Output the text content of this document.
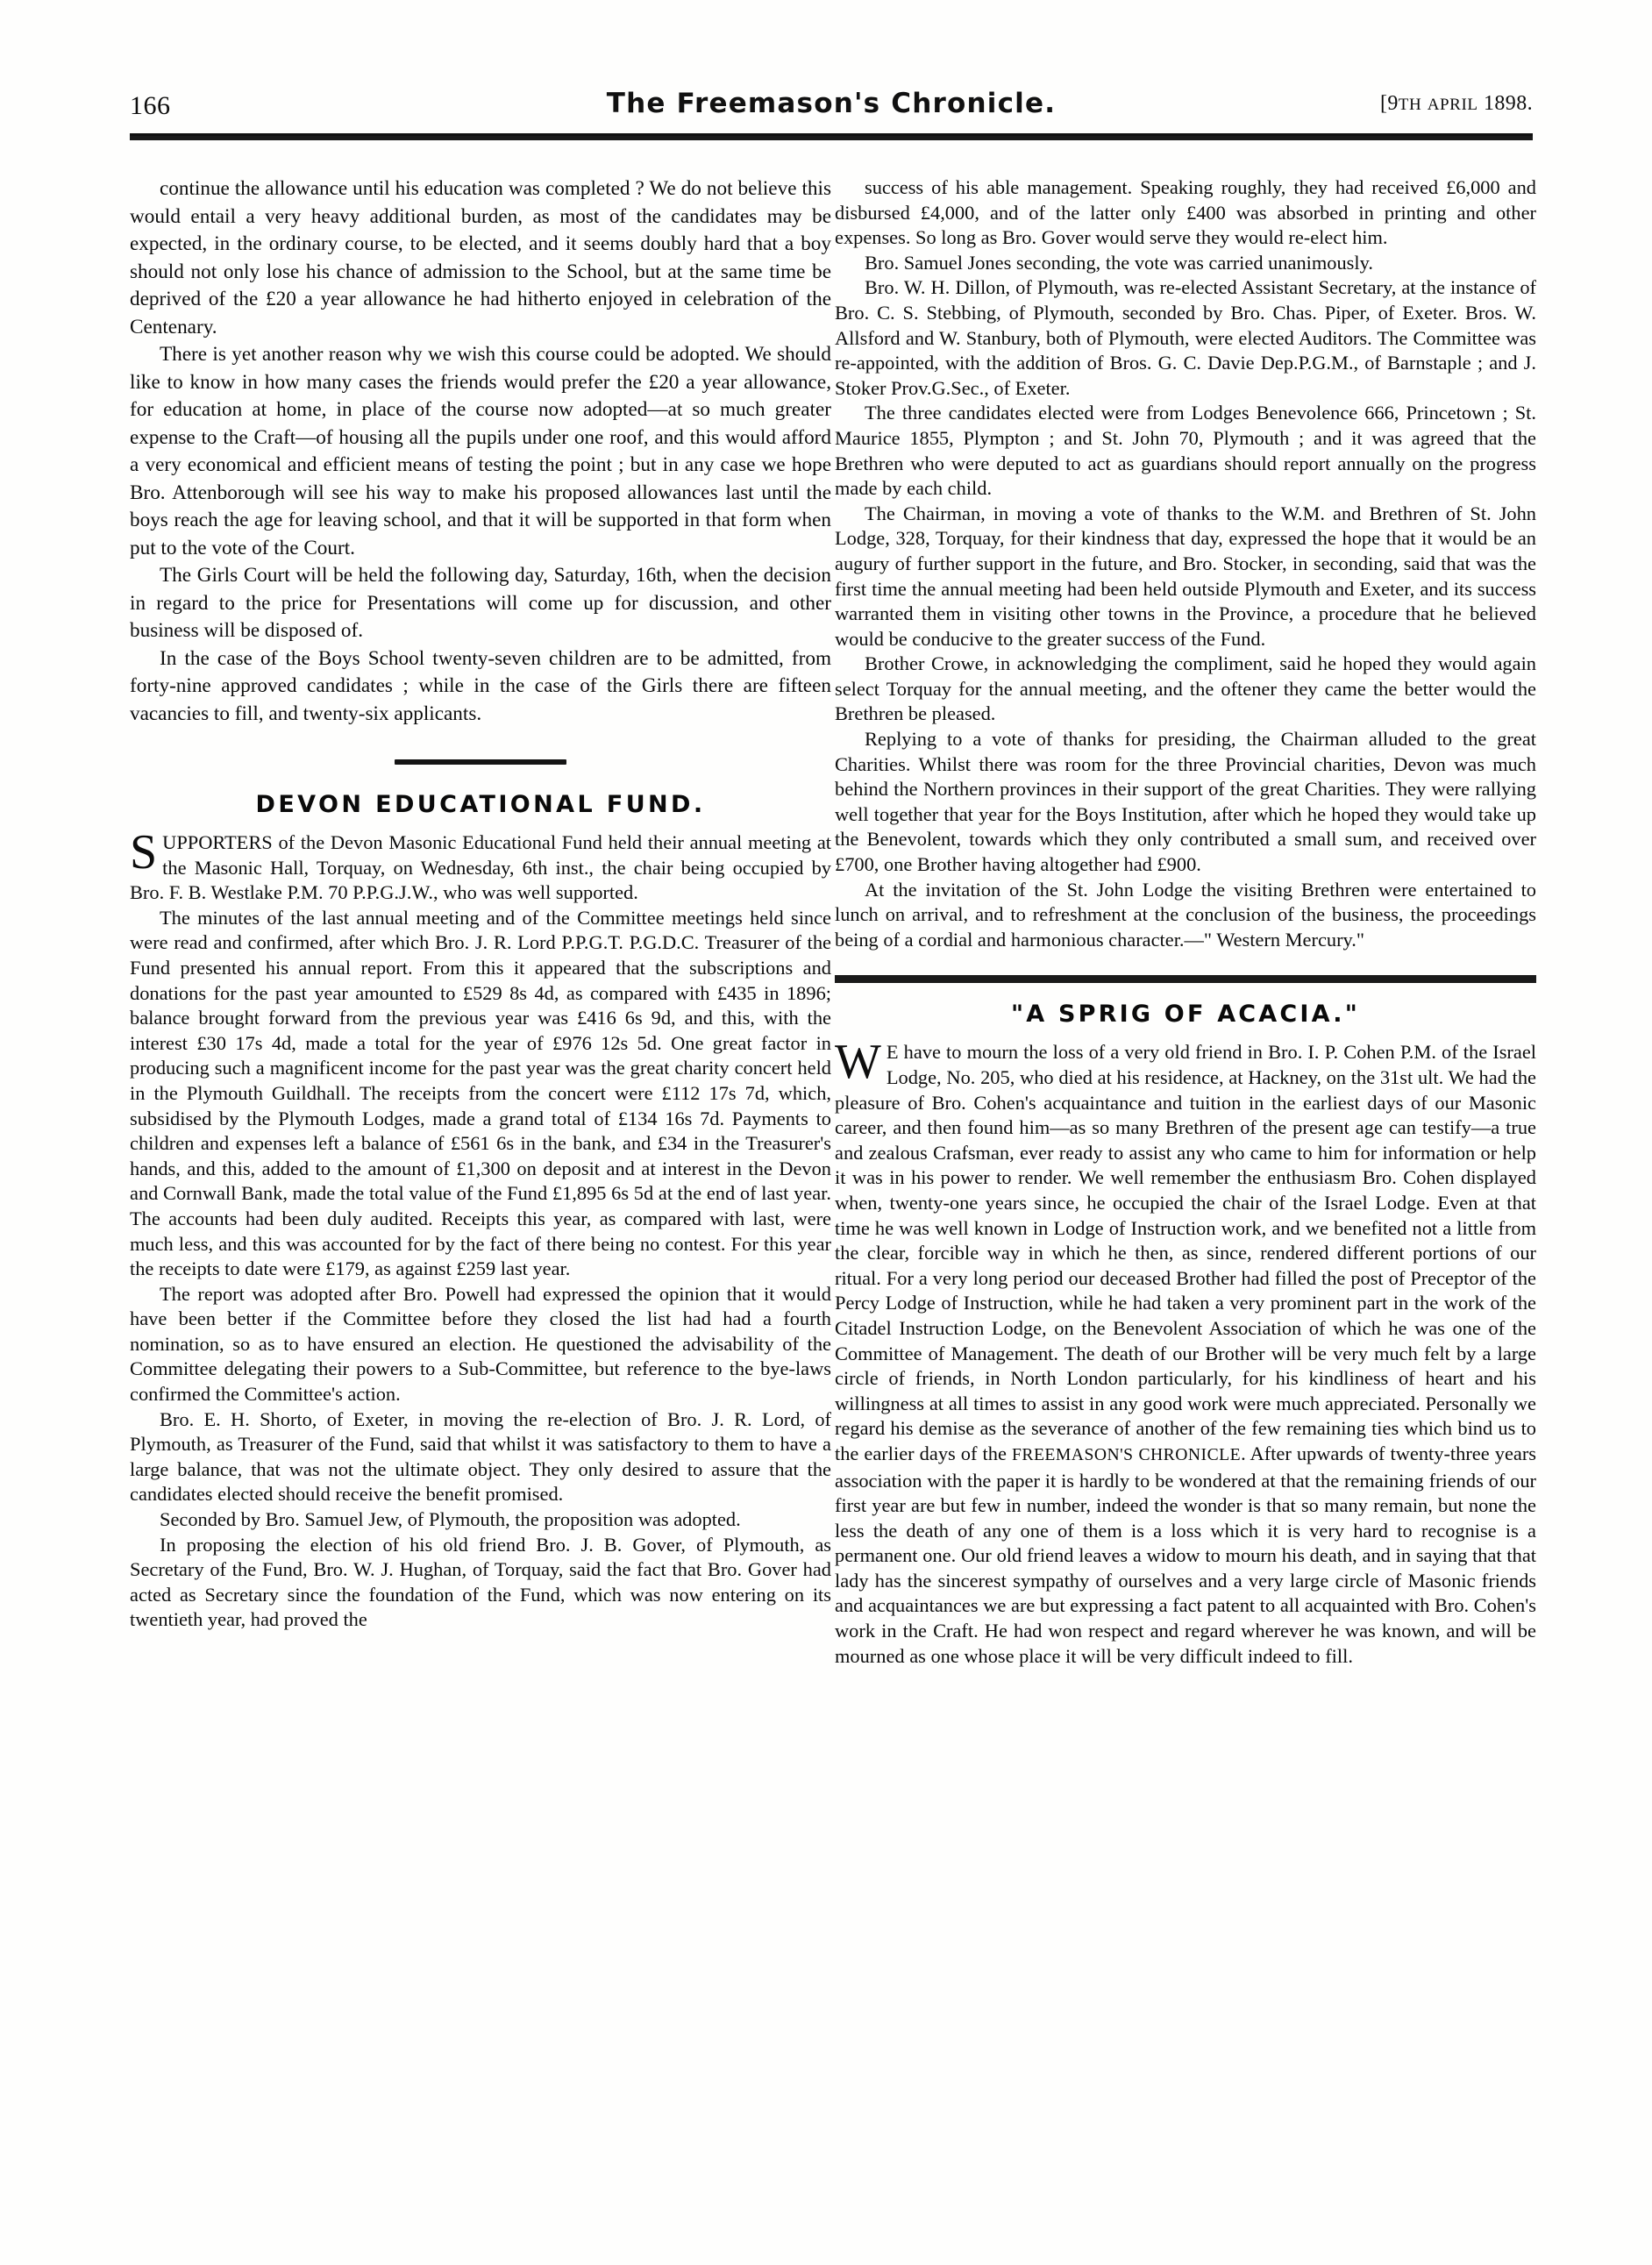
166	The Freemason's Chronicle.	[9TH APRIL 1898.

continue the allowance until his education was completed ? We do not believe this would entail a very heavy additional burden, as most of the candidates may be expected, in the ordinary course, to be elected, and it seems doubly hard that a boy should not only lose his chance of admission to the School, but at the same time be deprived of the £20 a year allowance he had hitherto enjoyed in celebration of the Centenary.

There is yet another reason why we wish this course could be adopted. We should like to know in how many cases the friends would prefer the £20 a year allowance, for education at home, in place of the course now adopted—at so much greater expense to the Craft—of housing all the pupils under one roof, and this would afford a very economical and efficient means of testing the point ; but in any case we hope Bro. Attenborough will see his way to make his proposed allowances last until the boys reach the age for leaving school, and that it will be supported in that form when put to the vote of the Court.

The Girls Court will be held the following day, Saturday, 16th, when the decision in regard to the price for Presentations will come up for discussion, and other business will be disposed of.

In the case of the Boys School twenty-seven children are to be admitted, from forty-nine approved candidates ; while in the case of the Girls there are fifteen vacancies to fill, and twenty-six applicants.

DEVON EDUCATIONAL FUND.

SUPPORTERS of the Devon Masonic Educational Fund held their annual meeting at the Masonic Hall, Torquay, on Wednesday, 6th inst., the chair being occupied by Bro. F. B. Westlake P.M. 70 P.P.G.J.W., who was well supported.

The minutes of the last annual meeting and of the Committee meetings held since were read and confirmed, after which Bro. J. R. Lord P.P.G.T. P.G.D.C. Treasurer of the Fund presented his annual report. From this it appeared that the subscriptions and donations for the past year amounted to £529 8s 4d, as compared with £435 in 1896; balance brought forward from the previous year was £416 6s 9d, and this, with the interest £30 17s 4d, made a total for the year of £976 12s 5d. One great factor in producing such a magnificent income for the past year was the great charity concert held in the Plymouth Guildhall. The receipts from the concert were £112 17s 7d, which, subsidised by the Plymouth Lodges, made a grand total of £134 16s 7d. Payments to children and expenses left a balance of £561 6s in the bank, and £34 in the Treasurer's hands, and this, added to the amount of £1,300 on deposit and at interest in the Devon and Cornwall Bank, made the total value of the Fund £1,895 6s 5d at the end of last year. The accounts had been duly audited. Receipts this year, as compared with last, were much less, and this was accounted for by the fact of there being no contest. For this year the receipts to date were £179, as against £259 last year.

The report was adopted after Bro. Powell had expressed the opinion that it would have been better if the Committee before they closed the list had had a fourth nomination, so as to have ensured an election. He questioned the advisability of the Committee delegating their powers to a Sub-Committee, but reference to the bye-laws confirmed the Committee's action.

Bro. E. H. Shorto, of Exeter, in moving the re-election of Bro. J. R. Lord, of Plymouth, as Treasurer of the Fund, said that whilst it was satisfactory to them to have a large balance, that was not the ultimate object. They only desired to assure that the candidates elected should receive the benefit promised.

Seconded by Bro. Samuel Jew, of Plymouth, the proposition was adopted.

In proposing the election of his old friend Bro. J. B. Gover, of Plymouth, as Secretary of the Fund, Bro. W. J. Hughan, of Torquay, said the fact that Bro. Gover had acted as Secretary since the foundation of the Fund, which was now entering on its twentieth year, had proved the

success of his able management. Speaking roughly, they had received £6,000 and disbursed £4,000, and of the latter only £400 was absorbed in printing and other expenses. So long as Bro. Gover would serve they would re-elect him.

Bro. Samuel Jones seconding, the vote was carried unanimously.

Bro. W. H. Dillon, of Plymouth, was re-elected Assistant Secretary, at the instance of Bro. C. S. Stebbing, of Plymouth, seconded by Bro. Chas. Piper, of Exeter. Bros. W. Allsford and W. Stanbury, both of Plymouth, were elected Auditors. The Committee was re-appointed, with the addition of Bros. G. C. Davie Dep.P.G.M., of Barnstaple ; and J. Stoker Prov.G.Sec., of Exeter.

The three candidates elected were from Lodges Benevolence 666, Princetown ; St. Maurice 1855, Plympton ; and St. John 70, Plymouth ; and it was agreed that the Brethren who were deputed to act as guardians should report annually on the progress made by each child.

The Chairman, in moving a vote of thanks to the W.M. and Brethren of St. John Lodge, 328, Torquay, for their kindness that day, expressed the hope that it would be an augury of further support in the future, and Bro. Stocker, in seconding, said that was the first time the annual meeting had been held outside Plymouth and Exeter, and its success warranted them in visiting other towns in the Province, a procedure that he believed would be conducive to the greater success of the Fund.

Brother Crowe, in acknowledging the compliment, said he hoped they would again select Torquay for the annual meeting, and the oftener they came the better would the Brethren be pleased.

Replying to a vote of thanks for presiding, the Chairman alluded to the great Charities. Whilst there was room for the three Provincial charities, Devon was much behind the Northern provinces in their support of the great Charities. They were rallying well together that year for the Boys Institution, after which he hoped they would take up the Benevolent, towards which they only contributed a small sum, and received over £700, one Brother having altogether had £900.

At the invitation of the St. John Lodge the visiting Brethren were entertained to lunch on arrival, and to refreshment at the conclusion of the business, the proceedings being of a cordial and harmonious character.—" Western Mercury."

"A SPRIG OF ACACIA."

W E have to mourn the loss of a very old friend in Bro. I. P. Cohen P.M. of the Israel Lodge, No. 205, who died at his residence, at Hackney, on the 31st ult. We had the pleasure of Bro. Cohen's acquaintance and tuition in the earliest days of our Masonic career, and then found him—as so many Brethren of the present age can testify—a true and zealous Crafsman, ever ready to assist any who came to him for information or help it was in his power to render. We well remember the enthusiasm Bro. Cohen displayed when, twenty-one years since, he occupied the chair of the Israel Lodge. Even at that time he was well known in Lodge of Instruction work, and we benefited not a little from the clear, forcible way in which he then, as since, rendered different portions of our ritual. For a very long period our deceased Brother had filled the post of Preceptor of the Percy Lodge of Instruction, while he had taken a very prominent part in the work of the Citadel Instruction Lodge, on the Benevolent Association of which he was one of the Committee of Management. The death of our Brother will be very much felt by a large circle of friends, in North London particularly, for his kindliness of heart and his willingness at all times to assist in any good work were much appreciated. Personally we regard his demise as the severance of another of the few remaining ties which bind us to the earlier days of the FREEMASON'S CHRONICLE. After upwards of twenty-three years association with the paper it is hardly to be wondered at that the remaining friends of our first year are but few in number, indeed the wonder is that so many remain, but none the less the death of any one of them is a loss which it is very hard to recognise is a permanent one. Our old friend leaves a widow to mourn his death, and in saying that that lady has the sincerest sympathy of ourselves and a very large circle of Masonic friends and acquaintances we are but expressing a fact patent to all acquainted with Bro. Cohen's work in the Craft. He had won respect and regard wherever he was known, and will be mourned as one whose place it will be very difficult indeed to fill.
